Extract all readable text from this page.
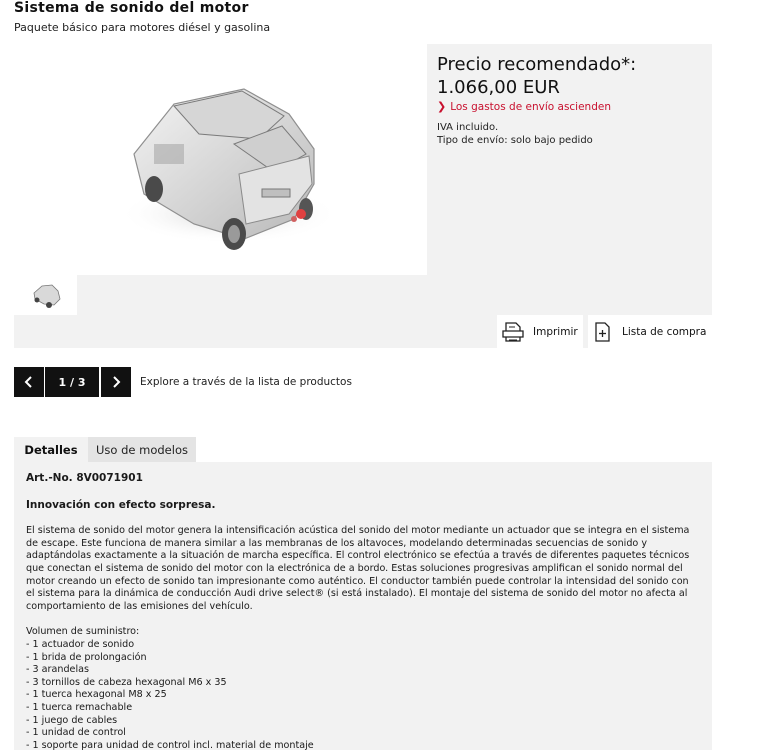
Sistema de sonido del motor
Paquete básico para motores diésel y gasolina
Precio recomendado*:
1.066,00 EUR
❯ Los gastos de envío ascienden
IVA incluido.
Tipo de envío: solo bajo pedido
Imprimir	Lista de compra
1 / 3	Explore a través de la lista de productos
Detalles	Uso de modelos
Art.-No. 8V0071901
Innovación con efecto sorpresa.
El sistema de sonido del motor genera la intensificación acústica del sonido del motor mediante un actuador que se integra en el sistema de escape. Este funciona de manera similar a las membranas de los altavoces, modelando determinadas secuencias de sonido y adaptándolas exactamente a la situación de marcha específica. El control electrónico se efectúa a través de diferentes paquetes técnicos que conectan el sistema de sonido del motor con la electrónica de a bordo. Estas soluciones progresivas amplifican el sonido normal del motor creando un efecto de sonido tan impresionante como auténtico. El conductor también puede controlar la intensidad del sonido con el sistema para la dinámica de conducción Audi drive select® (si está instalado). El montaje del sistema de sonido del motor no afecta al comportamiento de las emisiones del vehículo.
Volumen de suministro:
- 1 actuador de sonido
- 1 brida de prolongación
- 3 arandelas
- 3 tornillos de cabeza hexagonal M6 x 35
- 1 tuerca hexagonal M8 x 25
- 1 tuerca remachable
- 1 juego de cables
- 1 unidad de control
- 1 soporte para unidad de control incl. material de montaje
